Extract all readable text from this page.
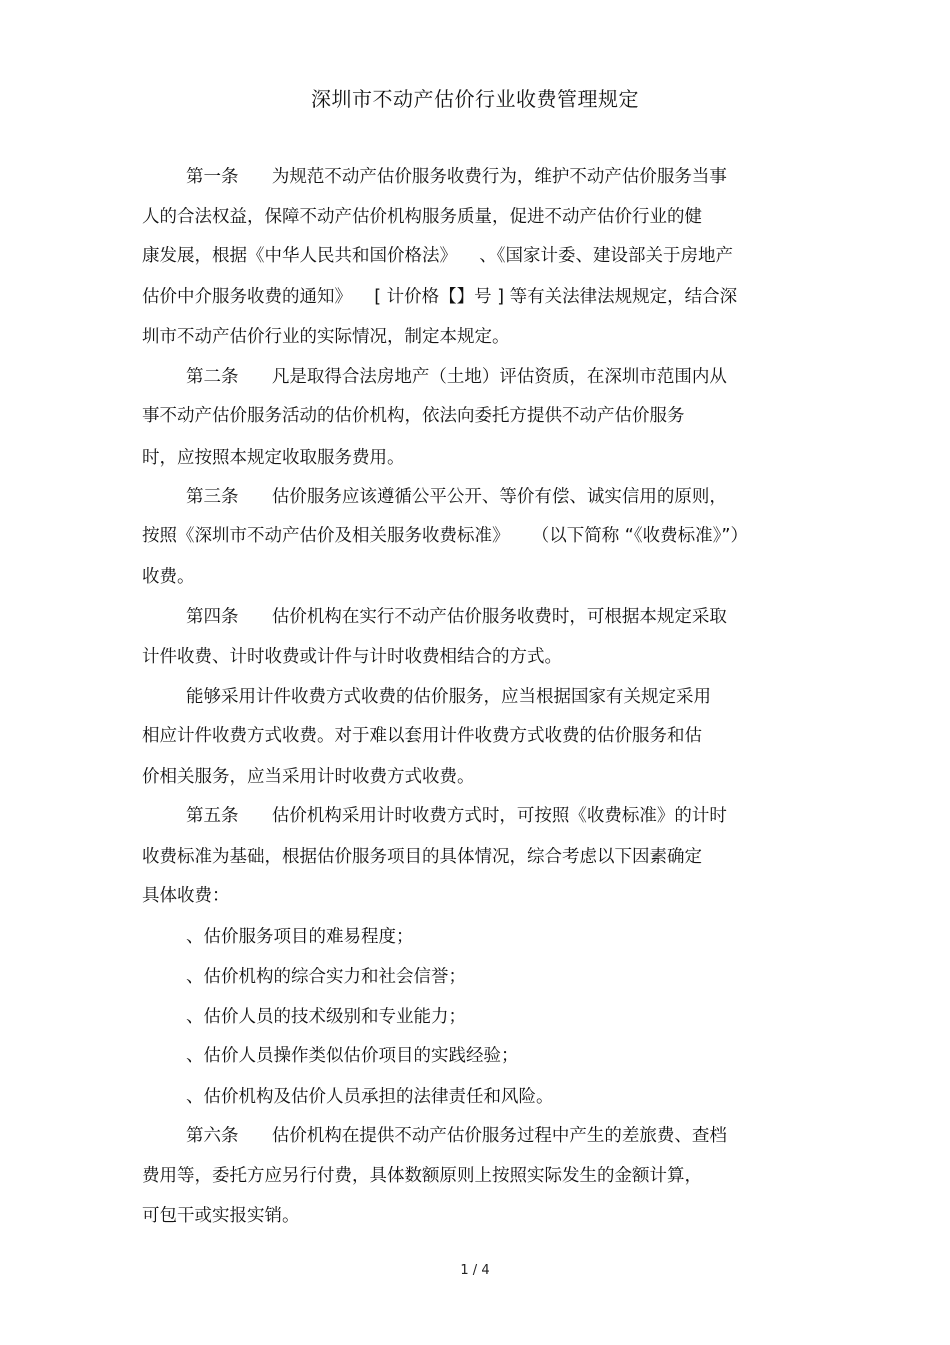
深圳市不动产估价行业收费管理规定
第一条      为规范不动产估价服务收费行为，维护不动产估价服务当事
人的合法权益，保障不动产估价机构服务质量，促进不动产估价行业的健
康发展，根据《中华人民共和国价格法》    、《国家计委、建设部关于房地产
估价中介服务收费的通知》    [ 计价格【】号 ] 等有关法律法规规定，结合深
圳市不动产估价行业的实际情况，制定本规定。
第二条      凡是取得合法房地产（土地）评估资质，在深圳市范围内从
事不动产估价服务活动的估价机构，依法向委托方提供不动产估价服务
时，应按照本规定收取服务费用。
第三条      估价服务应该遵循公平公开、等价有偿、诚实信用的原则，
按照《深圳市不动产估价及相关服务收费标准》    （以下简称 “《收费标准》”）
收费。
第四条      估价机构在实行不动产估价服务收费时，可根据本规定采取
计件收费、计时收费或计件与计时收费相结合的方式。
能够采用计件收费方式收费的估价服务，应当根据国家有关规定采用
相应计件收费方式收费。对于难以套用计件收费方式收费的估价服务和估
价相关服务，应当采用计时收费方式收费。
第五条      估价机构采用计时收费方式时，可按照《收费标准》的计时
收费标准为基础，根据估价服务项目的具体情况，综合考虑以下因素确定
具体收费：
、估价服务项目的难易程度；
、估价机构的综合实力和社会信誉；
、估价人员的技术级别和专业能力；
、估价人员操作类似估价项目的实践经验；
、估价机构及估价人员承担的法律责任和风险。
第六条      估价机构在提供不动产估价服务过程中产生的差旅费、查档
费用等，委托方应另行付费，具体数额原则上按照实际发生的金额计算，
可包干或实报实销。
1 / 4
